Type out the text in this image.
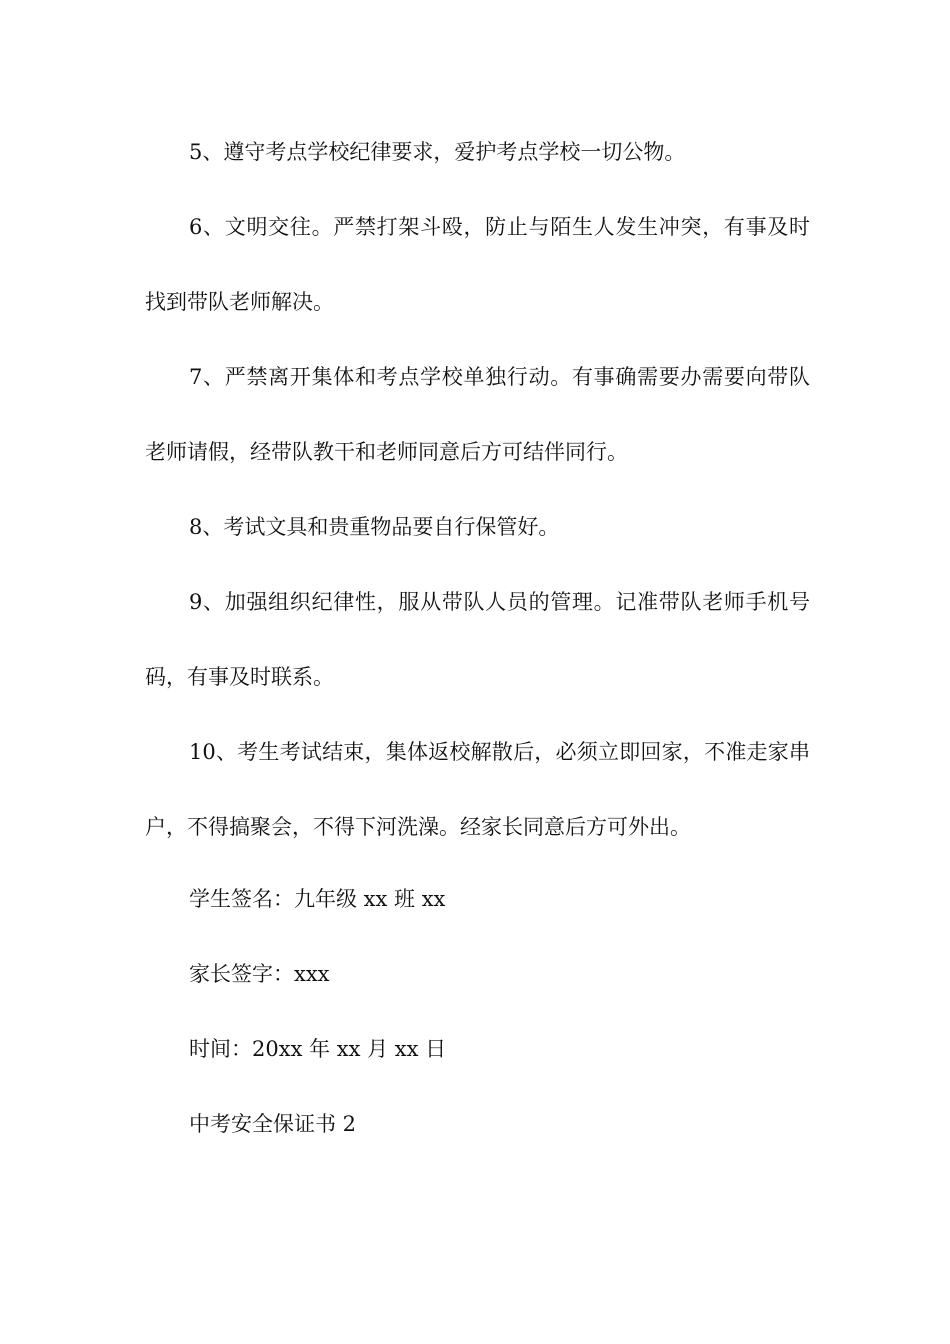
5、遵守考点学校纪律要求，爱护考点学校一切公物。

6、文明交往。严禁打架斗殴，防止与陌生人发生冲突，有事及时找到带队老师解决。

7、严禁离开集体和考点学校单独行动。有事确需要办需要向带队老师请假，经带队教干和老师同意后方可结伴同行。

8、考试文具和贵重物品要自行保管好。

9、加强组织纪律性，服从带队人员的管理。记准带队老师手机号码，有事及时联系。

10、考生考试结束，集体返校解散后，必须立即回家，不准走家串户，不得搞聚会，不得下河洗澡。经家长同意后方可外出。

学生签名：九年级 xx 班 xx

家长签字：xxx

时间：20xx 年 xx 月 xx 日

中考安全保证书 2
